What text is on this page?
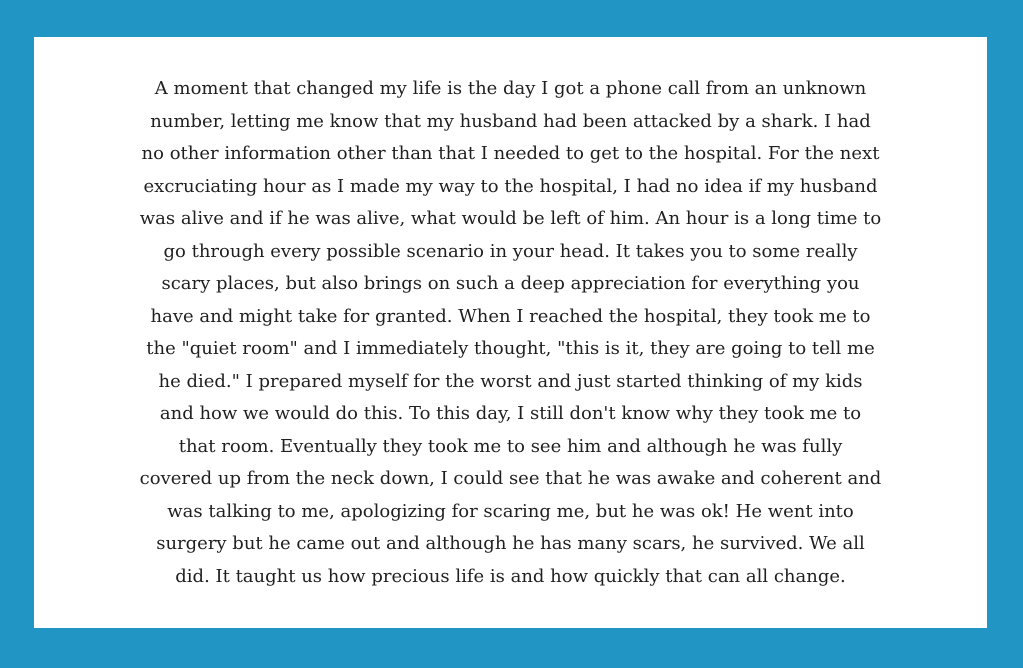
A moment that changed my life is the day I got a phone call from an unknown
number, letting me know that my husband had been attacked by a shark. I had
no other information other than that I needed to get to the hospital. For the next
excruciating hour as I made my way to the hospital, I had no idea if my husband
was alive and if he was alive, what would be left of him. An hour is a long time to
go through every possible scenario in your head. It takes you to some really
scary places, but also brings on such a deep appreciation for everything you
have and might take for granted. When I reached the hospital, they took me to
the "quiet room" and I immediately thought, "this is it, they are going to tell me
he died." I prepared myself for the worst and just started thinking of my kids
and how we would do this. To this day, I still don't know why they took me to
that room. Eventually they took me to see him and although he was fully
covered up from the neck down, I could see that he was awake and coherent and
was talking to me, apologizing for scaring me, but he was ok! He went into
surgery but he came out and although he has many scars, he survived. We all
did. It taught us how precious life is and how quickly that can all change.
